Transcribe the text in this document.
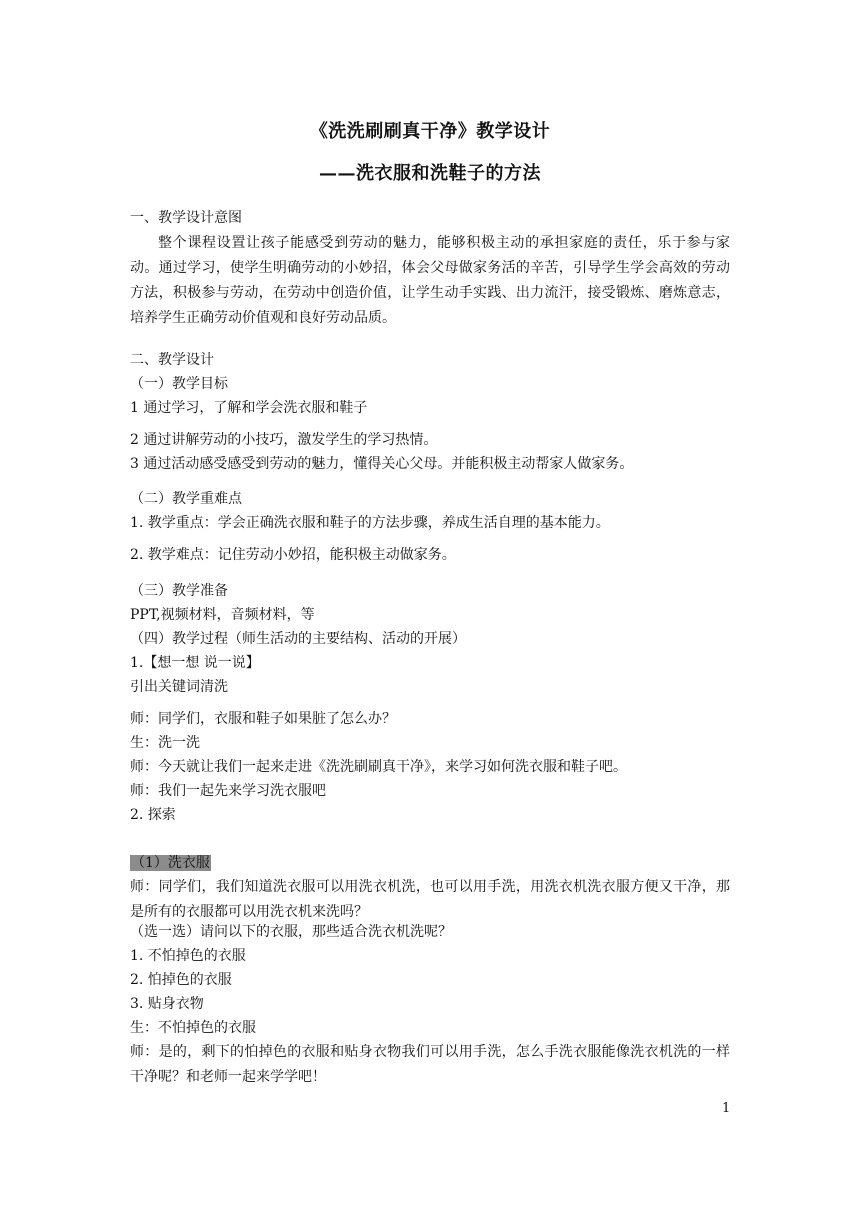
《洗洗刷刷真干净》教学设计
——洗衣服和洗鞋子的方法
一、教学设计意图
整个课程设置让孩子能感受到劳动的魅力，能够积极主动的承担家庭的责任，乐于参与家动。通过学习，使学生明确劳动的小妙招，体会父母做家务活的辛苦，引导学生学会高效的劳动方法，积极参与劳动，在劳动中创造价值，让学生动手实践、出力流汗，接受锻炼、磨炼意志，培养学生正确劳动价值观和良好劳动品质。
二、教学设计
（一）教学目标
1 通过学习，了解和学会洗衣服和鞋子
2 通过讲解劳动的小技巧，激发学生的学习热情。
3 通过活动感受感受到劳动的魅力，懂得关心父母。并能积极主动帮家人做家务。
（二）教学重难点
1. 教学重点：学会正确洗衣服和鞋子的方法步骤，养成生活自理的基本能力。
2. 教学难点：记住劳动小妙招，能积极主动做家务。
（三）教学准备
PPT,视频材料，音频材料，等
（四）教学过程（师生活动的主要结构、活动的开展）
1.【想一想 说一说】
引出关键词清洗
师：同学们，衣服和鞋子如果脏了怎么办？
生：洗一洗
师：今天就让我们一起来走进《洗洗刷刷真干净》，来学习如何洗衣服和鞋子吧。
师：我们一起先来学习洗衣服吧
2. 探索
（1）洗衣服
师：同学们，我们知道洗衣服可以用洗衣机洗，也可以用手洗，用洗衣机洗衣服方便又干净，那是所有的衣服都可以用洗衣机来洗吗？
（选一选）请问以下的衣服，那些适合洗衣机洗呢？
1. 不怕掉色的衣服
2. 怕掉色的衣服
3. 贴身衣物
生：不怕掉色的衣服
师：是的，剩下的怕掉色的衣服和贴身衣物我们可以用手洗，怎么手洗衣服能像洗衣机洗的一样干净呢？和老师一起来学学吧！
1
